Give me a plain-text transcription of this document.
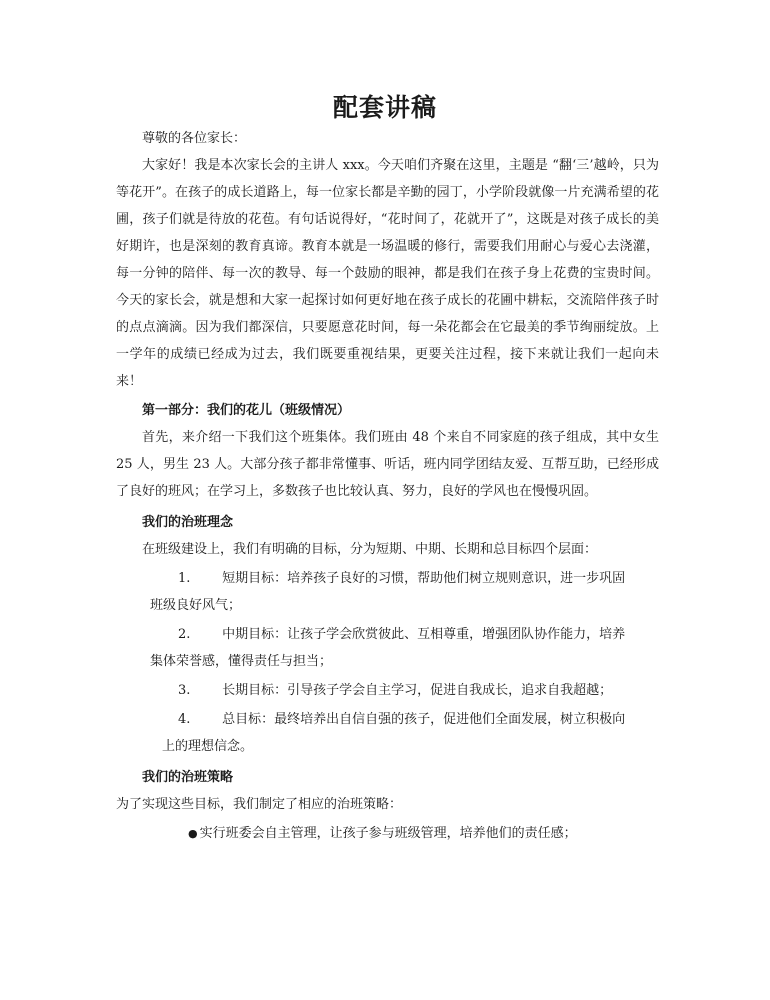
配套讲稿

尊敬的各位家长：

大家好！我是本次家长会的主讲人 xxx。今天咱们齐聚在这里，主题是 “翻‘三’越岭，只为等花开”。在孩子的成长道路上，每一位家长都是辛勤的园丁，小学阶段就像一片充满希望的花圃，孩子们就是待放的花苞。有句话说得好，“花时间了，花就开了”，这既是对孩子成长的美好期许，也是深刻的教育真谛。教育本就是一场温暖的修行，需要我们用耐心与爱心去浇灌，每一分钟的陪伴、每一次的教导、每一个鼓励的眼神，都是我们在孩子身上花费的宝贵时间。今天的家长会，就是想和大家一起探讨如何更好地在孩子成长的花圃中耕耘，交流陪伴孩子时的点点滴滴。因为我们都深信，只要愿意花时间，每一朵花都会在它最美的季节绚丽绽放。上一学年的成绩已经成为过去，我们既要重视结果，更要关注过程，接下来就让我们一起向未来！

第一部分：我们的花儿（班级情况）

首先，来介绍一下我们这个班集体。我们班由 48 个来自不同家庭的孩子组成，其中女生 25 人，男生 23 人。大部分孩子都非常懂事、听话，班内同学团结友爱、互帮互助，已经形成了良好的班风；在学习上，多数孩子也比较认真、努力，良好的学风也在慢慢巩固。

我们的治班理念

在班级建设上，我们有明确的目标，分为短期、中期、长期和总目标四个层面：

1. 短期目标：培养孩子良好的习惯，帮助他们树立规则意识，进一步巩固

班级良好风气；

2. 中期目标：让孩子学会欣赏彼此、互相尊重，增强团队协作能力，培养

集体荣誉感，懂得责任与担当；

3. 长期目标：引导孩子学会自主学习，促进自我成长，追求自我超越；

4. 总目标：最终培养出自信自强的孩子，促进他们全面发展，树立积极向

上的理想信念。

我们的治班策略

为了实现这些目标，我们制定了相应的治班策略：

● 实行班委会自主管理，让孩子参与班级管理，培养他们的责任感；
